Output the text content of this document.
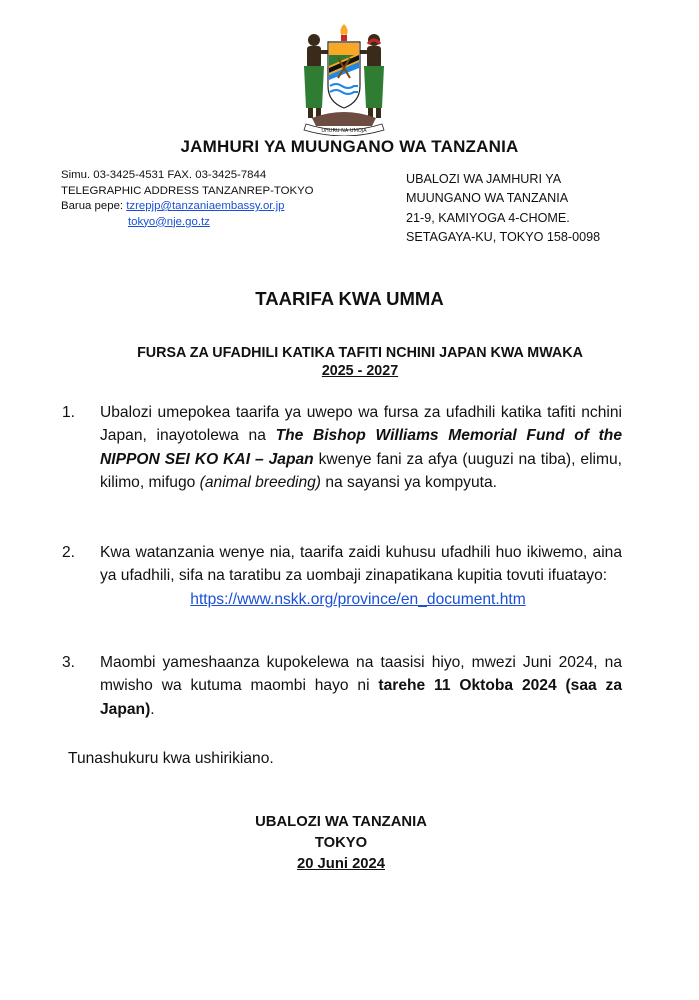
UHURU NA UMOJA
JAMHURI YA MUUNGANO WA TANZANIA
Simu. 03-3425-4531 FAX. 03-3425-7844
TELEGRAPHIC ADDRESS TANZANREP-TOKYO
Barua pepe: tzrepjp@tanzaniaembassy.or.jp
tokyo@nje.go.tz
UBALOZI WA JAMHURI YA
MUUNGANO WA TANZANIA
21-9, KAMIYOGA 4-CHOME.
SETAGAYA-KU, TOKYO 158-0098
TAARIFA KWA UMMA
FURSA ZA UFADHILI KATIKA TAFITI NCHINI JAPAN KWA MWAKA
2025 - 2027
1. Ubalozi umepokea taarifa ya uwepo wa fursa za ufadhili katika tafiti nchini Japan, inayotolewa na The Bishop Williams Memorial Fund of the NIPPON SEI KO KAI – Japan kwenye fani za afya (uuguzi na tiba), elimu, kilimo, mifugo (animal breeding) na sayansi ya kompyuta.
2. Kwa watanzania wenye nia, taarifa zaidi kuhusu ufadhili huo ikiwemo, aina ya ufadhili, sifa na taratibu za uombaji zinapatikana kupitia tovuti ifuatayo:
https://www.nskk.org/province/en_document.htm
3. Maombi yameshaanza kupokelewa na taasisi hiyo, mwezi Juni 2024, na mwisho wa kutuma maombi hayo ni tarehe 11 Oktoba 2024 (saa za Japan).
Tunashukuru kwa ushirikiano.
UBALOZI WA TANZANIA
TOKYO
20 Juni 2024
